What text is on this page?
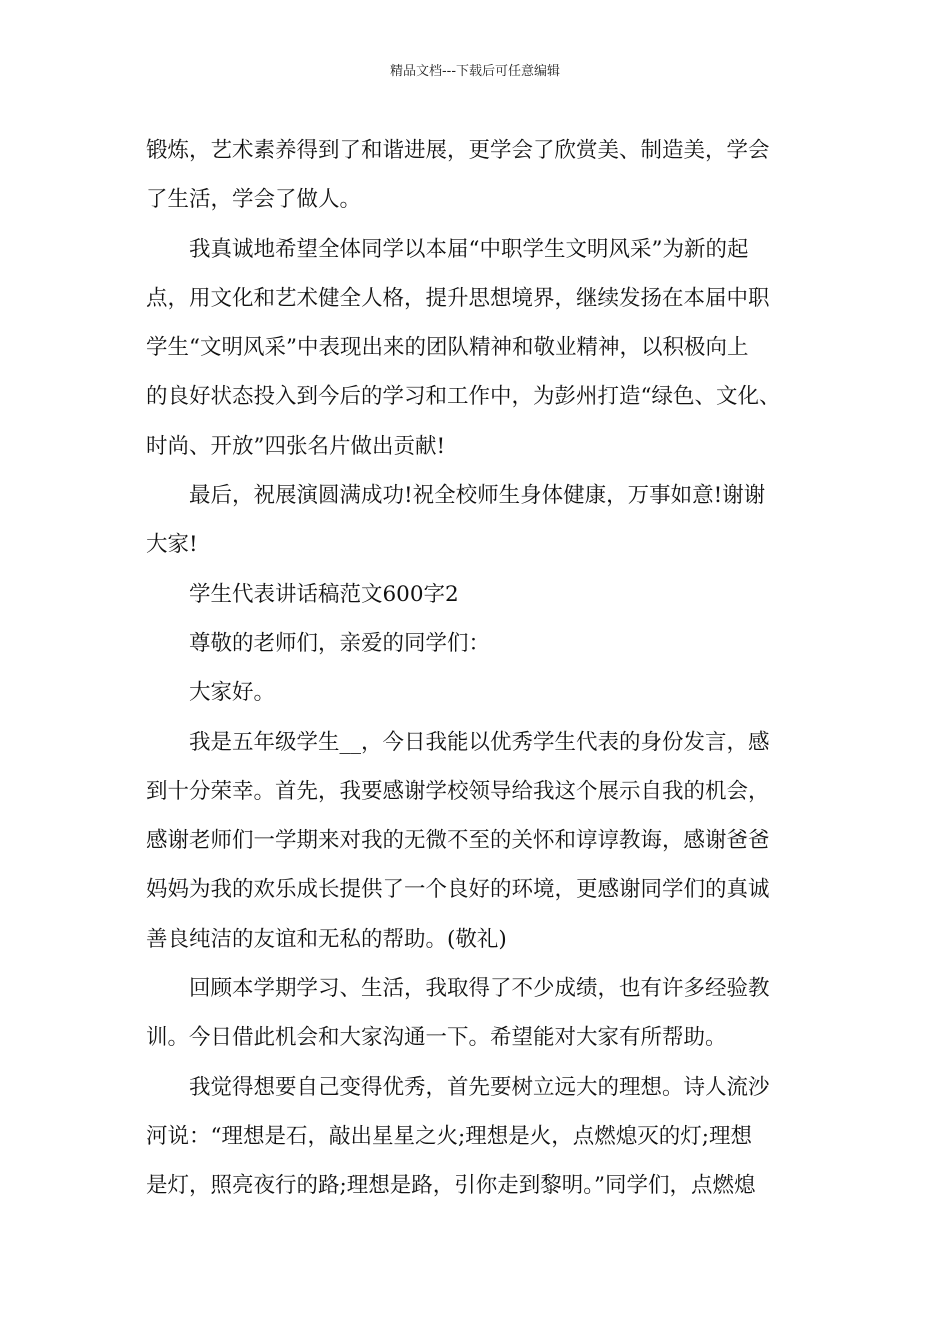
精品文档---下载后可任意编辑
锻炼，艺术素养得到了和谐进展，更学会了欣赏美、制造美，学会
了生活，学会了做人。
我真诚地希望全体同学以本届“中职学生文明风采”为新的起
点，用文化和艺术健全人格，提升思想境界，继续发扬在本届中职
学生“文明风采”中表现出来的团队精神和敬业精神，以积极向上
的良好状态投入到今后的学习和工作中，为彭州打造“绿色、文化、
时尚、开放”四张名片做出贡献!
最后，祝展演圆满成功!祝全校师生身体健康，万事如意!谢谢
大家!
学生代表讲话稿范文600字2
尊敬的老师们，亲爱的同学们：
大家好。
我是五年级学生__，今日我能以优秀学生代表的身份发言，感
到十分荣幸。首先，我要感谢学校领导给我这个展示自我的机会，
感谢老师们一学期来对我的无微不至的关怀和谆谆教诲，感谢爸爸
妈妈为我的欢乐成长提供了一个良好的环境，更感谢同学们的真诚
善良纯洁的友谊和无私的帮助。(敬礼)
回顾本学期学习、生活，我取得了不少成绩，也有许多经验教
训。今日借此机会和大家沟通一下。希望能对大家有所帮助。
我觉得想要自己变得优秀，首先要树立远大的理想。诗人流沙
河说：“理想是石，敲出星星之火;理想是火，点燃熄灭的灯;理想
是灯，照亮夜行的路;理想是路，引你走到黎明。”同学们，点燃熄
